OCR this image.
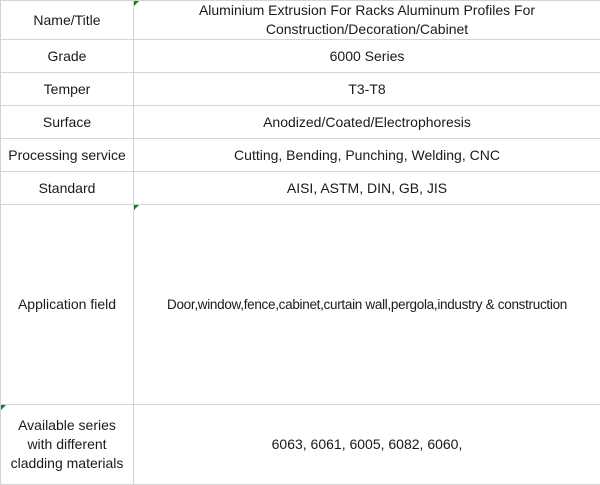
Name/Title	Aluminium Extrusion For Racks Aluminum Profiles For Construction/Decoration/Cabinet

Grade	6000 Series
Temper	T3-T8
Surface	Anodized/Coated/Electrophoresis
Processing service	Cutting, Bending, Punching, Welding, CNC
Standard	AISI, ASTM, DIN, GB, JIS
Application field	Door,window,fence,cabinet,curtain wall,pergola,industry & construction

Available series with different cladding materials	6063, 6061, 6005, 6082, 6060,
